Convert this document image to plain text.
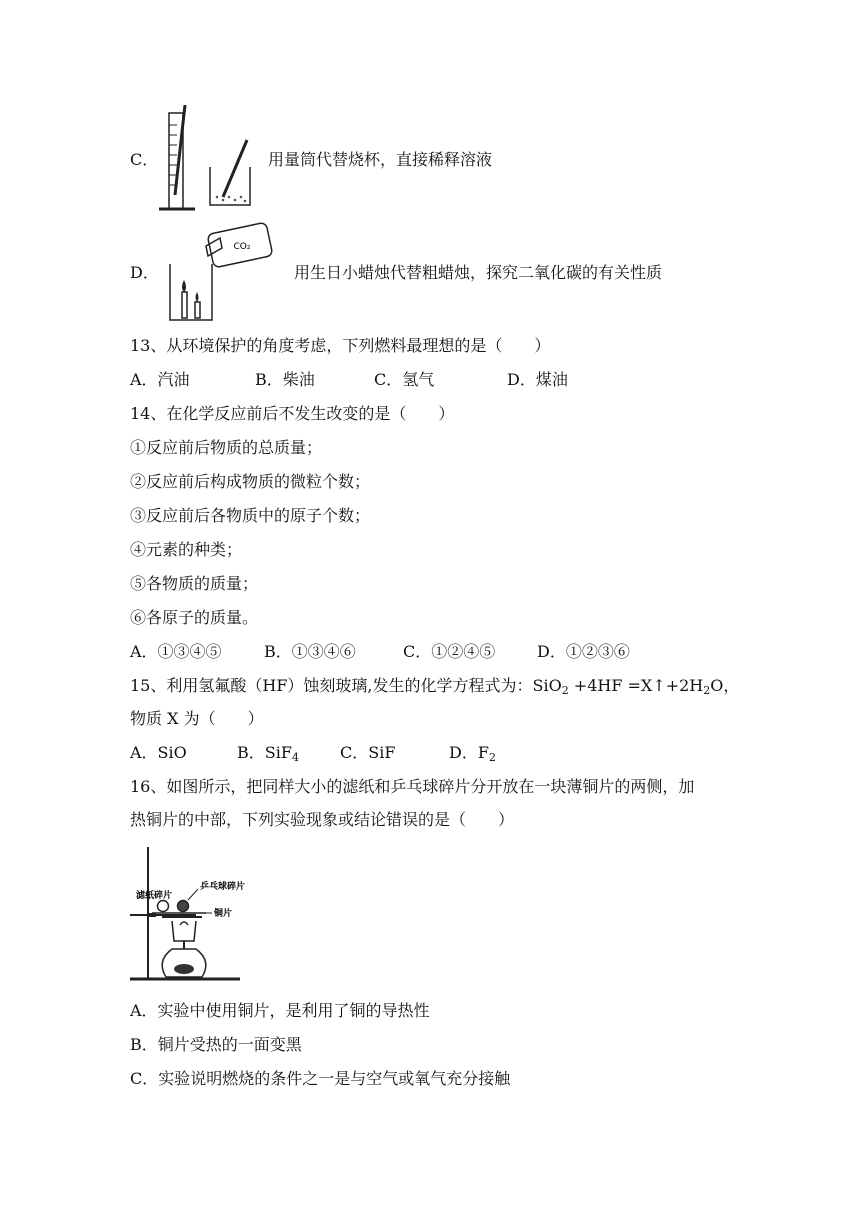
C．	用量筒代替烧杯，直接稀释溶液
D．
CO₂
用生日小蜡烛代替粗蜡烛，探究二氧化碳的有关性质
13、从环境保护的角度考虑，下列燃料最理想的是（　　）
A．汽油	B．柴油	C．氢气	D．煤油
14、在化学反应前后不发生改变的是（　　）
①反应前后物质的总质量；
②反应前后构成物质的微粒个数；
③反应前后各物质中的原子个数；
④元素的种类；
⑤各物质的质量；
⑥各原子的质量。
A．①③④⑤	B．①③④⑥	C．①②④⑤	D．①②③⑥
15、利用氢氟酸（HF）蚀刻玻璃,发生的化学方程式为：$SiO_2 +4HF =X↑+2H_2O$，
物质 X 为（　　）
A．SiO	B．SiF$_4$	C．SiF	D．$F_2$
16、如图所示，把同样大小的滤纸和乒乓球碎片分开放在一块薄铜片的两侧，加
热铜片的中部，下列实验现象或结论错误的是（　　）
滤纸碎片
乒乓球碎片
铜片
A．实验中使用铜片，是利用了铜的导热性
B．铜片受热的一面变黑
C．实验说明燃烧的条件之一是与空气或氧气充分接触
